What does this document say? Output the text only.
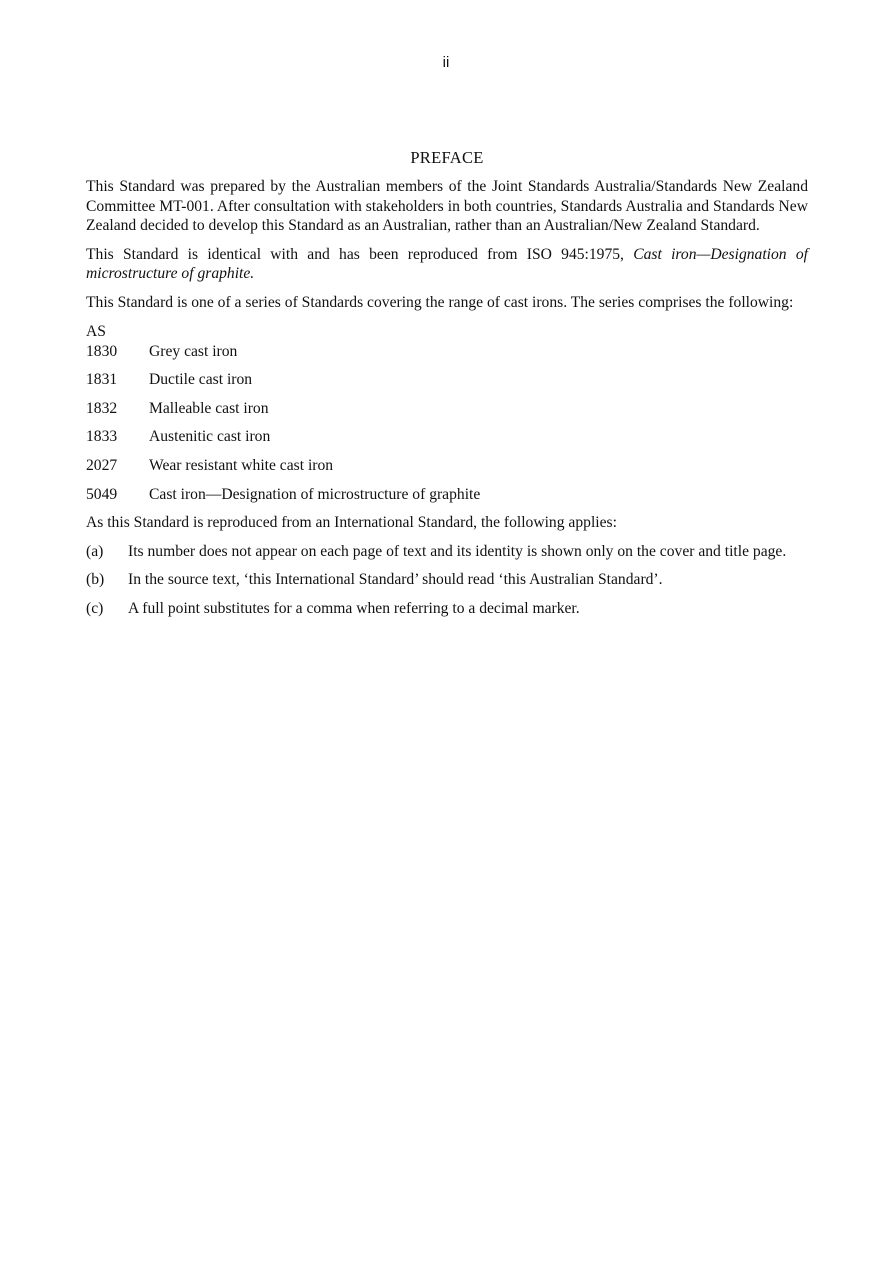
ii
PREFACE

This Standard was prepared by the Australian members of the Joint Standards Australia/Standards New Zealand Committee MT-001. After consultation with stakeholders in both countries, Standards Australia and Standards New Zealand decided to develop this Standard as an Australian, rather than an Australian/New Zealand Standard.

This Standard is identical with and has been reproduced from ISO 945:1975, Cast iron—Designation of microstructure of graphite.

This Standard is one of a series of Standards covering the range of cast irons. The series comprises the following:

AS
1830	Grey cast iron
1831	Ductile cast iron
1832	Malleable cast iron
1833	Austenitic cast iron
2027	Wear resistant white cast iron
5049	Cast iron—Designation of microstructure of graphite

As this Standard is reproduced from an International Standard, the following applies:

(a)	Its number does not appear on each page of text and its identity is shown only on the cover and title page.
(b)	In the source text, ‘this International Standard’ should read ‘this Australian Standard’.
(c)	A full point substitutes for a comma when referring to a decimal marker.
